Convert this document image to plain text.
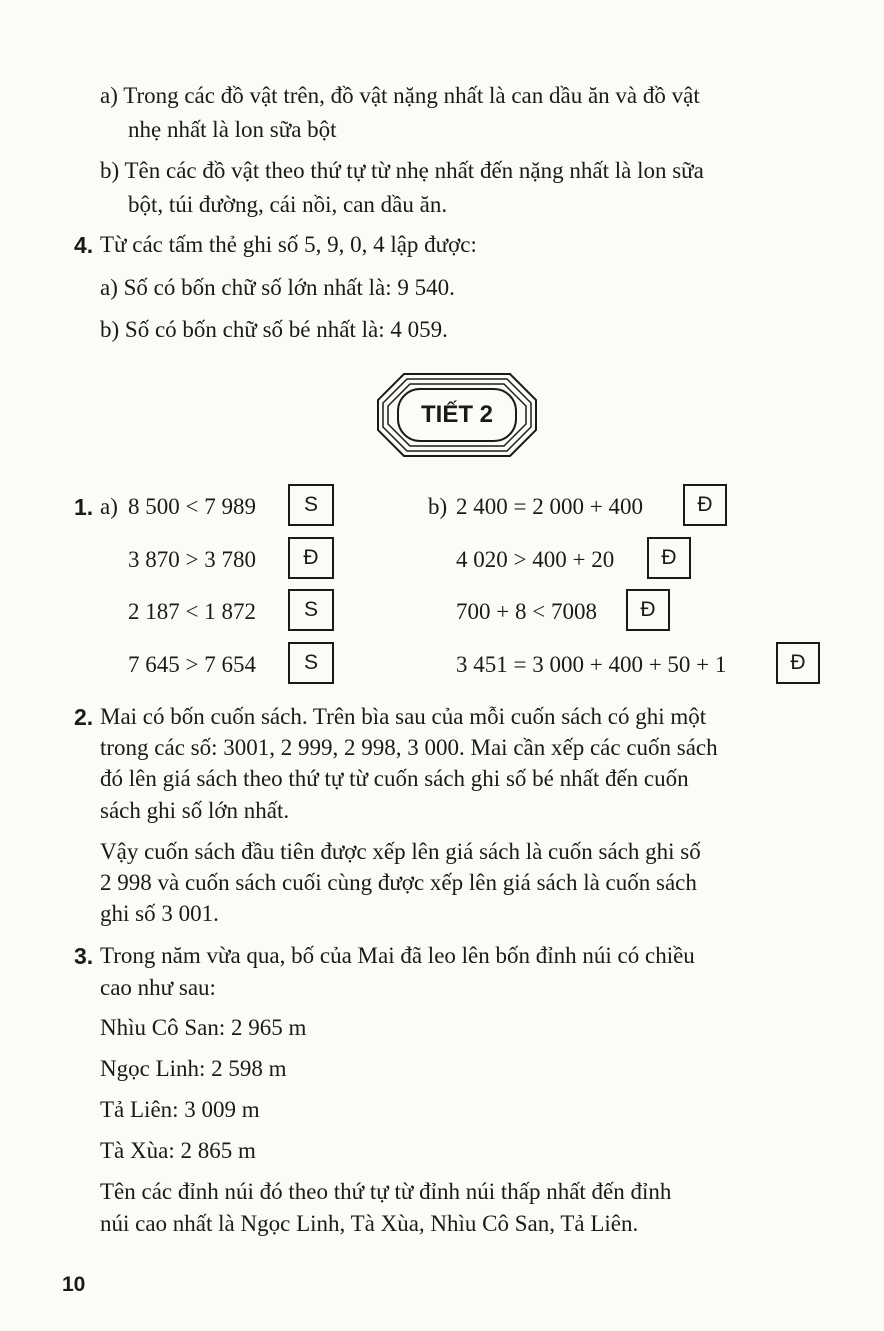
a) Trong các đồ vật trên, đồ vật nặng nhất là can dầu ăn và đồ vật
nhẹ nhất là lon sữa bột
b) Tên các đồ vật theo thứ tự từ nhẹ nhất đến nặng nhất là lon sữa
bột, túi đường, cái nồi, can dầu ăn.
4. Từ các tấm thẻ ghi số 5, 9, 0, 4 lập được:
a) Số có bốn chữ số lớn nhất là: 9 540.
b) Số có bốn chữ số bé nhất là: 4 059.
TIẾT 2
1. a)	b)
8 500 < 7 989	S
3 870 > 3 780	Đ
2 187 < 1 872	S
7 645 > 7 654	S
2 400 = 2 000 + 400	Đ
4 020 > 400 + 20	Đ
700 + 8 < 7008	Đ
3 451 = 3 000 + 400 + 50 + 1	Đ
2. Mai có bốn cuốn sách. Trên bìa sau của mỗi cuốn sách có ghi một
trong các số: 3001, 2 999, 2 998, 3 000. Mai cần xếp các cuốn sách
đó lên giá sách theo thứ tự từ cuốn sách ghi số bé nhất đến cuốn
sách ghi số lớn nhất.
Vậy cuốn sách đầu tiên được xếp lên giá sách là cuốn sách ghi số
2 998 và cuốn sách cuối cùng được xếp lên giá sách là cuốn sách
ghi số 3 001.
3. Trong năm vừa qua, bố của Mai đã leo lên bốn đỉnh núi có chiều
cao như sau:
Nhìu Cô San: 2 965 m
Ngọc Linh: 2 598 m
Tả Liên: 3 009 m
Tà Xùa: 2 865 m
Tên các đỉnh núi đó theo thứ tự từ đỉnh núi thấp nhất đến đỉnh
núi cao nhất là Ngọc Linh, Tà Xùa, Nhìu Cô San, Tả Liên.
10
